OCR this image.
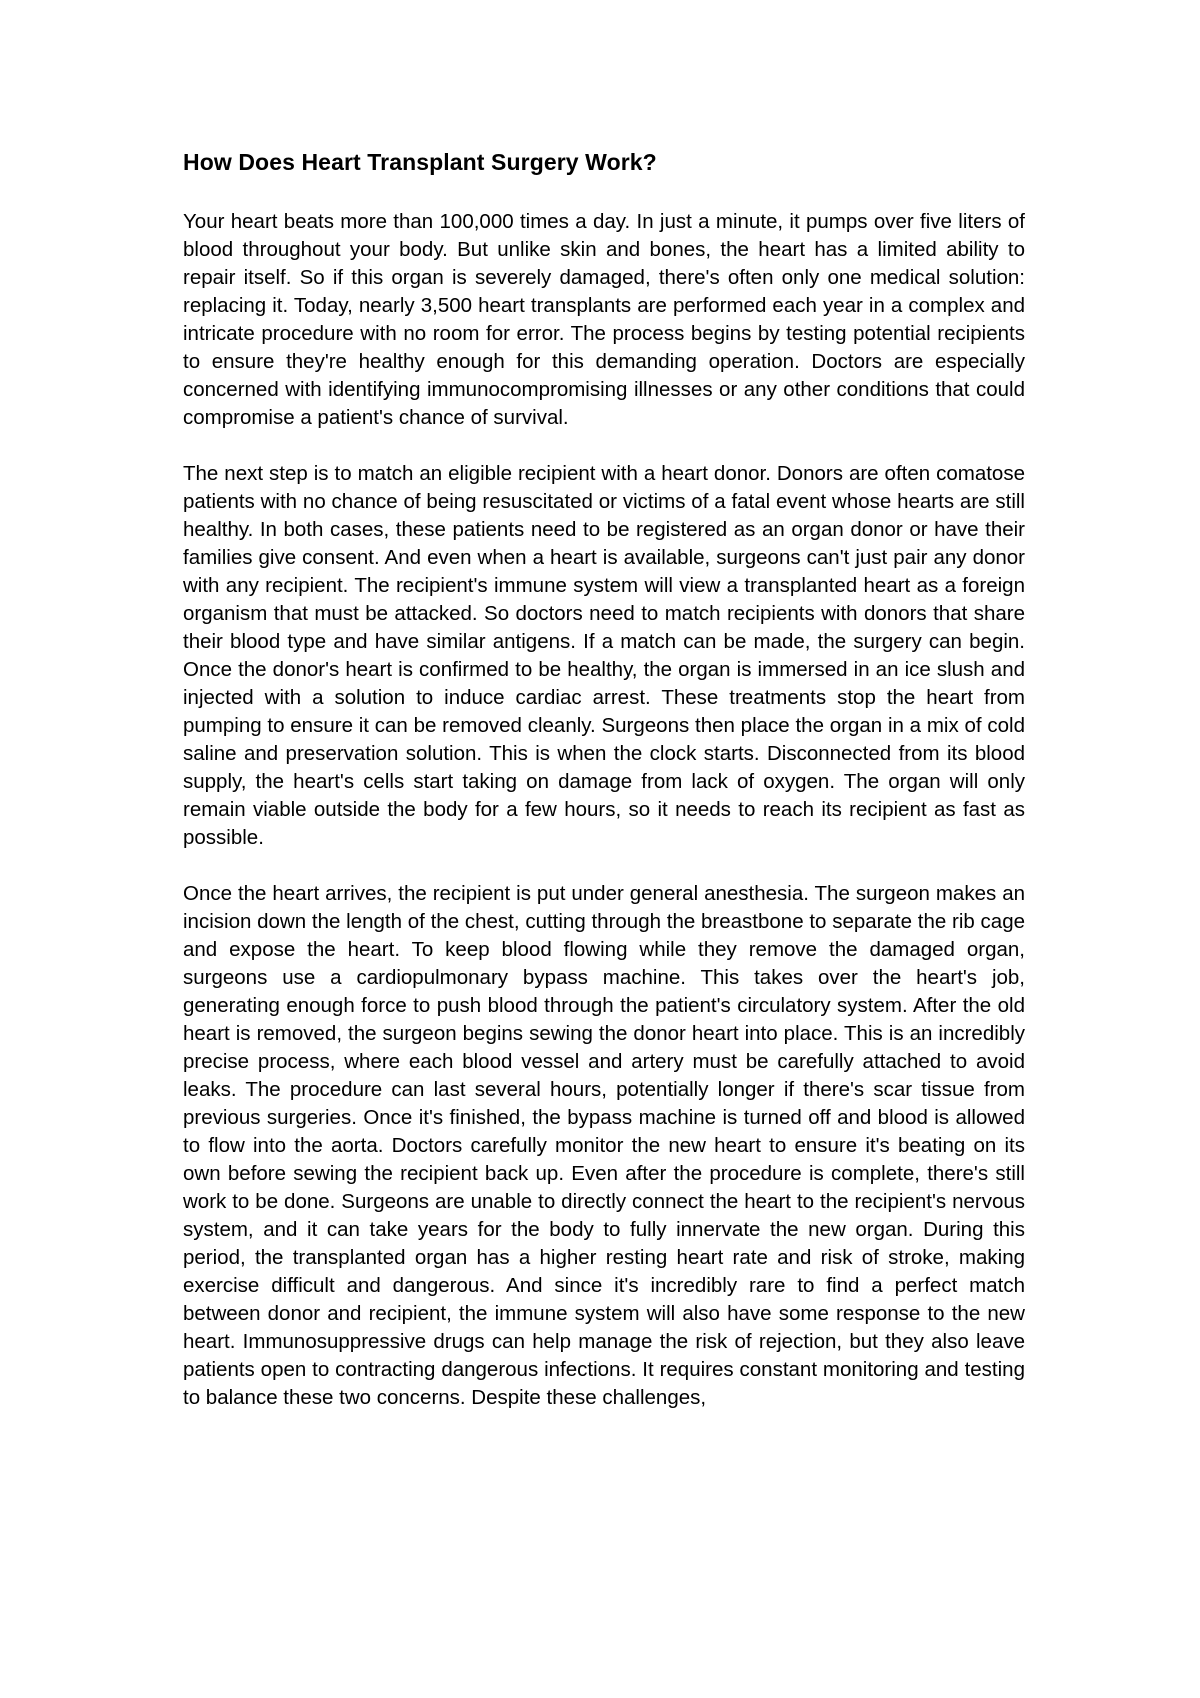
How Does Heart Transplant Surgery Work?

Your heart beats more than 100,000 times a day. In just a minute, it pumps over five liters of blood throughout your body. But unlike skin and bones, the heart has a limited ability to repair itself. So if this organ is severely damaged, there's often only one medical solution: replacing it. Today, nearly 3,500 heart transplants are performed each year in a complex and intricate procedure with no room for error. The process begins by testing potential recipients to ensure they're healthy enough for this demanding operation. Doctors are especially concerned with identifying immunocompromising illnesses or any other conditions that could compromise a patient's chance of survival.

The next step is to match an eligible recipient with a heart donor. Donors are often comatose patients with no chance of being resuscitated or victims of a fatal event whose hearts are still healthy. In both cases, these patients need to be registered as an organ donor or have their families give consent. And even when a heart is available, surgeons can't just pair any donor with any recipient. The recipient's immune system will view a transplanted heart as a foreign organism that must be attacked. So doctors need to match recipients with donors that share their blood type and have similar antigens. If a match can be made, the surgery can begin. Once the donor's heart is confirmed to be healthy, the organ is immersed in an ice slush and injected with a solution to induce cardiac arrest. These treatments stop the heart from pumping to ensure it can be removed cleanly. Surgeons then place the organ in a mix of cold saline and preservation solution. This is when the clock starts. Disconnected from its blood supply, the heart's cells start taking on damage from lack of oxygen. The organ will only remain viable outside the body for a few hours, so it needs to reach its recipient as fast as possible.

Once the heart arrives, the recipient is put under general anesthesia. The surgeon makes an incision down the length of the chest, cutting through the breastbone to separate the rib cage and expose the heart. To keep blood flowing while they remove the damaged organ, surgeons use a cardiopulmonary bypass machine. This takes over the heart's job, generating enough force to push blood through the patient's circulatory system. After the old heart is removed, the surgeon begins sewing the donor heart into place. This is an incredibly precise process, where each blood vessel and artery must be carefully attached to avoid leaks. The procedure can last several hours, potentially longer if there's scar tissue from previous surgeries. Once it's finished, the bypass machine is turned off and blood is allowed to flow into the aorta. Doctors carefully monitor the new heart to ensure it's beating on its own before sewing the recipient back up. Even after the procedure is complete, there's still work to be done. Surgeons are unable to directly connect the heart to the recipient's nervous system, and it can take years for the body to fully innervate the new organ. During this period, the transplanted organ has a higher resting heart rate and risk of stroke, making exercise difficult and dangerous. And since it's incredibly rare to find a perfect match between donor and recipient, the immune system will also have some response to the new heart. Immunosuppressive drugs can help manage the risk of rejection, but they also leave patients open to contracting dangerous infections. It requires constant monitoring and testing to balance these two concerns. Despite these challenges,
